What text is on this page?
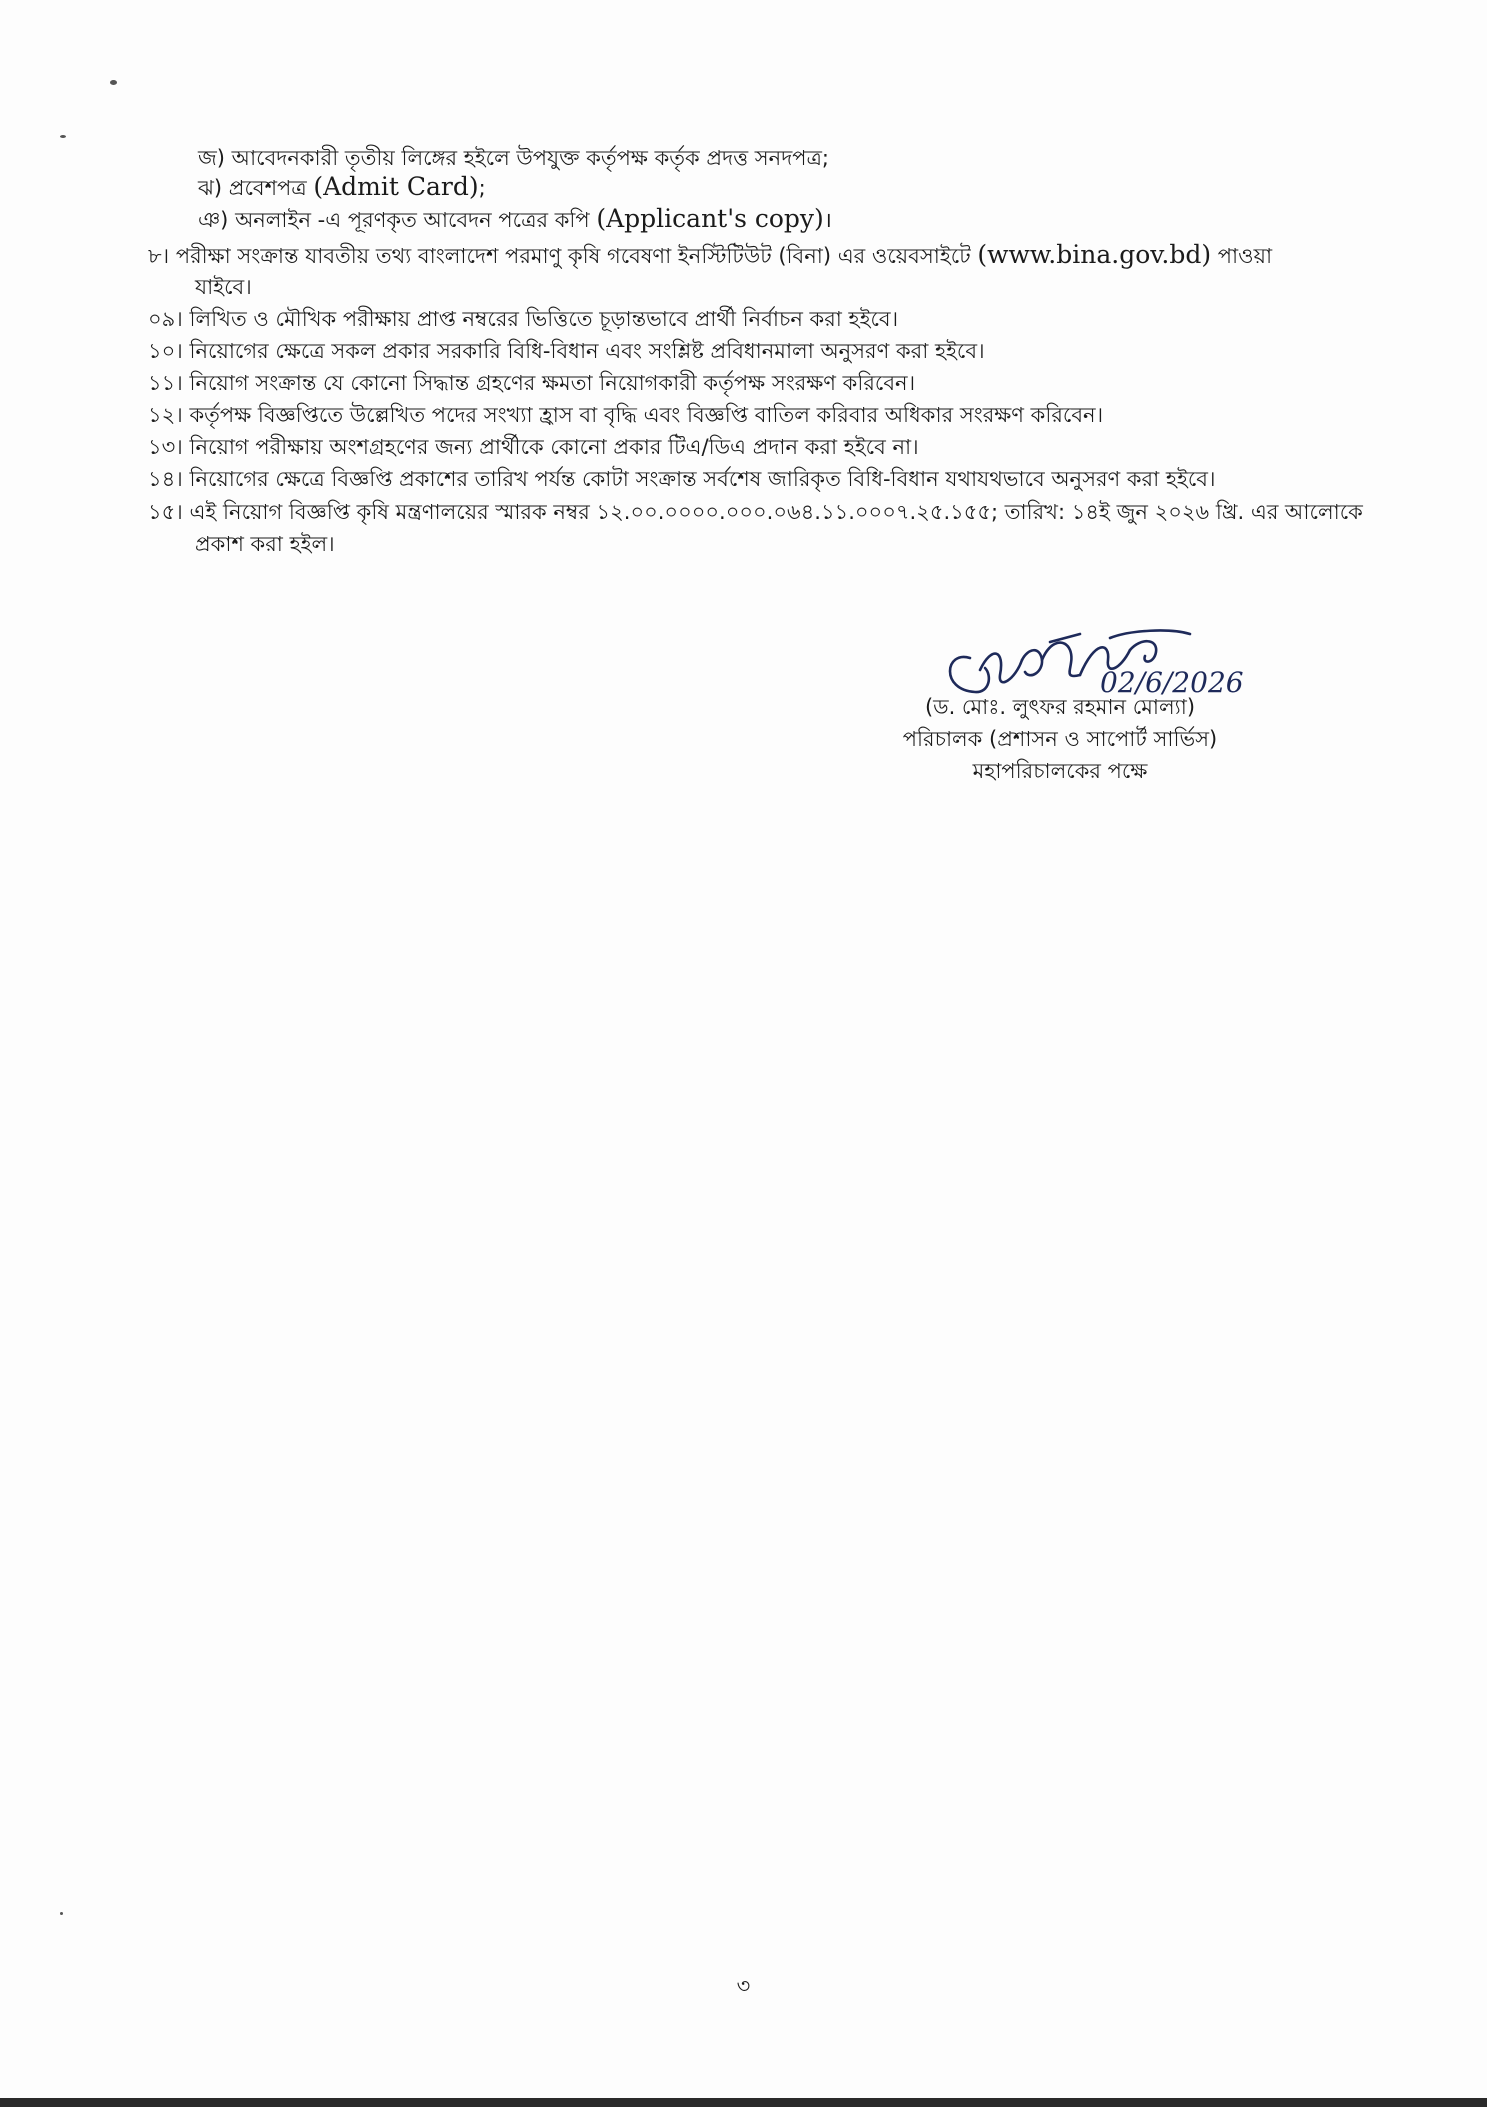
জ) আবেদনকারী তৃতীয় লিঙ্গের হইলে উপযুক্ত কর্তৃপক্ষ কর্তৃক প্রদত্ত সনদপত্র;
ঝ) প্রবেশপত্র (Admit Card);
ঞ) অনলাইন -এ পূরণকৃত আবেদন পত্রের কপি (Applicant's copy)।
৮। পরীক্ষা সংক্রান্ত যাবতীয় তথ্য বাংলাদেশ পরমাণু কৃষি গবেষণা ইনস্টিটিউট (বিনা) এর ওয়েবসাইটে (www.bina.gov.bd) পাওয়া
যাইবে।
০৯। লিখিত ও মৌখিক পরীক্ষায় প্রাপ্ত নম্বরের ভিত্তিতে চূড়ান্তভাবে প্রার্থী নির্বাচন করা হইবে।
১০। নিয়োগের ক্ষেত্রে সকল প্রকার সরকারি বিধি-বিধান এবং সংশ্লিষ্ট প্রবিধানমালা অনুসরণ করা হইবে।
১১। নিয়োগ সংক্রান্ত যে কোনো সিদ্ধান্ত গ্রহণের ক্ষমতা নিয়োগকারী কর্তৃপক্ষ সংরক্ষণ করিবেন।
১২। কর্তৃপক্ষ বিজ্ঞপ্তিতে উল্লেখিত পদের সংখ্যা হ্রাস বা বৃদ্ধি এবং বিজ্ঞপ্তি বাতিল করিবার অধিকার সংরক্ষণ করিবেন।
১৩। নিয়োগ পরীক্ষায় অংশগ্রহণের জন্য প্রার্থীকে কোনো প্রকার টিএ/ডিএ প্রদান করা হইবে না।
১৪। নিয়োগের ক্ষেত্রে বিজ্ঞপ্তি প্রকাশের তারিখ পর্যন্ত কোটা সংক্রান্ত সর্বশেষ জারিকৃত বিধি-বিধান যথাযথভাবে অনুসরণ করা হইবে।
১৫। এই নিয়োগ বিজ্ঞপ্তি কৃষি মন্ত্রণালয়ের স্মারক নম্বর ১২.০০.০০০০.০০০.০৬৪.১১.০০০৭.২৫.১৫৫; তারিখ: ১৪ই জুন ২০২৬ খ্রি. এর আলোকে
প্রকাশ করা হইল।
02/6/2026
(ড. মোঃ. লুৎফর রহমান মোল্যা)
পরিচালক (প্রশাসন ও সাপোর্ট সার্ভিস)
মহাপরিচালকের পক্ষে
৩
